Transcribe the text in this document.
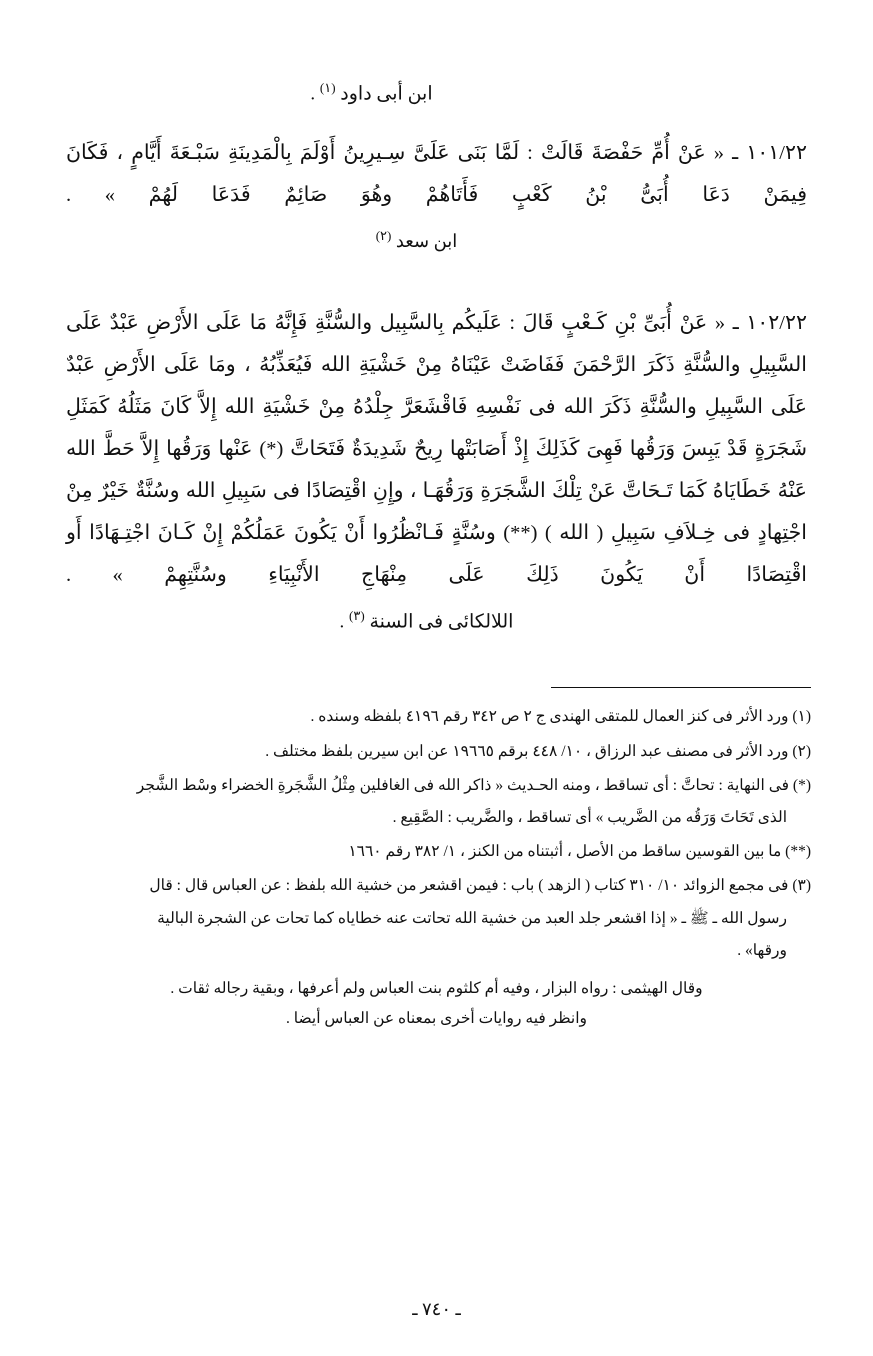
ابن أبى داود $^{(١)}$ .
١٠١/٢٢ ـ « عَنْ أُمِّ حَفْصَةَ قَالَتْ : لَمَّا بَنَى عَلَىَّ سِـيرِينُ أَوْلَمَ بِالْمَدِينَةِ سَبْـعَةَ أَيَّامٍ ، فَكَانَ فِيمَنْ دَعَا أُبَىُّ بْنُ كَعْبٍ فَأَتَاهُمْ وهُوَ صَائِمٌ فَدَعَا لَهُمْ » .
ابن سعد $^{(٢)}$
١٠٢/٢٢ ـ « عَنْ أُبَىِّ بْنِ كَـعْبٍ قَالَ : عَلَيكُم بِالسَّبِيل والسُّنَّةِ فَإِنَّهُ مَا عَلَى الأَرْضِ عَبْدٌ عَلَى السَّبِيلِ والسُّنَّةِ ذَكَرَ الرَّحْمَنَ فَفَاضَتْ عَيْنَاهُ مِنْ خَشْيَةِ الله فَيُعَذِّبُهُ ، ومَا عَلَى الأَرْضِ عَبْدٌ عَلَى السَّبِيلِ والسُّنَّةِ ذَكَرَ الله فى نَفْسِهِ فَاقْشَعَرَّ جِلْدُهُ مِنْ خَشْيَةِ الله إِلاَّ كَانَ مَثَلُهُ كَمَثَلِ شَجَرَةٍ قَدْ يَبِسَ وَرَقُها فَهِىَ كَذَلِكَ إِذْ أَصَابَتْها رِيحٌ شَدِيدَةٌ فَتَحَاتَّ (*) عَنْها وَرَقُها إِلاَّ حَطَّ الله عَنْهُ خَطَايَاهُ كَمَا تَـحَاتَّ عَنْ تِلْكَ الشَّجَرَةِ وَرَقُهَـا ، وإِنِ اقْتِصَادًا فى سَبِيلِ الله وسُنَّةٌ خَيْرٌ مِنْ اجْتِهادٍ فى خِـلاَفِ سَبِيلِ ( الله ) (**) وسُنَّةٍ فَـانْظُرُوا أَنْ يَكُونَ عَمَلُكُمْ إِنْ كَـانَ اجْتِـهَادًا أَو اقْتِصَادًا أَنْ يَكُونَ ذَلِكَ عَلَى مِنْهَاجِ الأَنْبِيَاءِ وسُنَّتِهِمْ » .
اللالكائى فى السنة $^{(٣)}$ .
(١) ورد الأثر فى كنز العمال للمتقى الهندى ج ٢ ص ٣٤٢ رقم ٤١٩٦ بلفظه وسنده .
(٢) ورد الأثر فى مصنف عبد الرزاق ، ١٠/ ٤٤٨ برقم ١٩٦٦٥ عن ابن سيرين بلفظ مختلف .
(*) فى النهاية : تحاتَّ : أى تساقط ، ومنه الحـديث « ذاكر الله فى الغافلين مِثْلُ الشَّجَرةِ الخضراء وسْط الشَّجر
الذى تَحَاتَ وَرَقُه من الضَّريب » أى تساقط ، والضَّريب : الصَّقِيع .
(**) ما بين القوسين ساقط من الأصل ، أثبتناه من الكنز ، ١/ ٣٨٢ رقم ١٦٦٠
(٣) فى مجمع الزوائد ١٠/ ٣١٠ كتاب ( الزهد ) باب : فيمن اقشعر من خشية الله بلفظ : عن العباس قال : قال
رسول الله ـ ﷺ ـ « إذا اقشعر جلد العبد من خشية الله تحاتت عنه خطاياه كما تحات عن الشجرة البالية
ورقها» .
وقال الهيثمى : رواه البزار ، وفيه أم كلثوم بنت العباس ولم أعرفها ، وبقية رجاله ثقات .
وانظر فيه روايات أخرى بمعناه عن العباس أيضا .
ـ ٧٤٠ ـ
